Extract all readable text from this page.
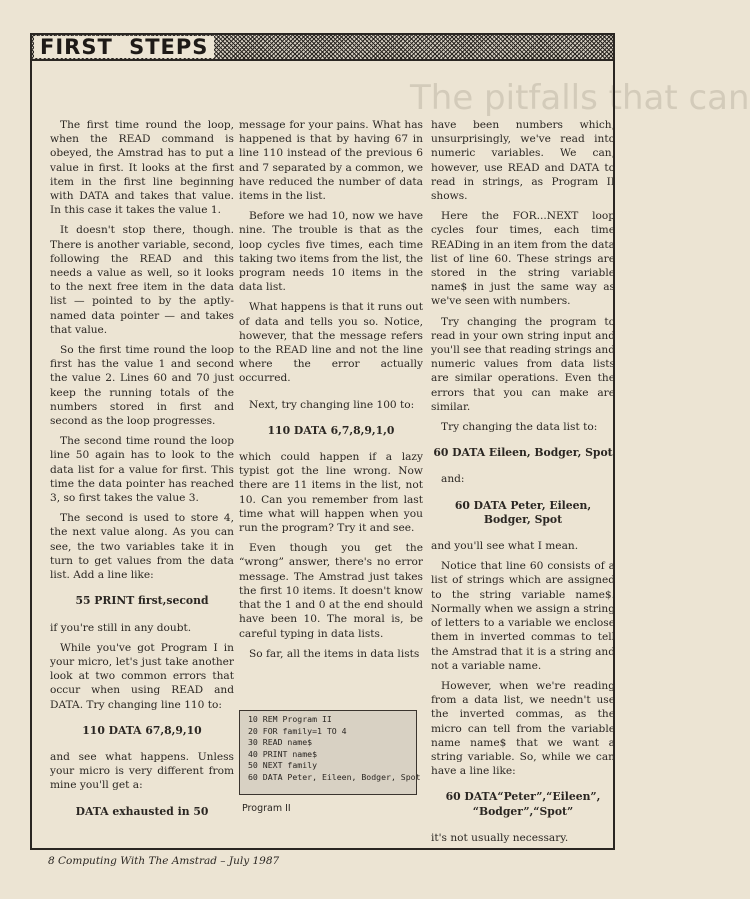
FIRST STEPS
The pitfalls that can

The first time round the loop, when the READ command is obeyed, the Amstrad has to put a value in first. It looks at the first item in the first line beginning with DATA and takes that value. In this case it takes the value 1.

It doesn't stop there, though. There is another variable, second, following the READ and this needs a value as well, so it looks to the next free item in the data list — pointed to by the aptly-named data pointer — and takes that value.

So the first time round the loop first has the value 1 and second the value 2. Lines 60 and 70 just keep the running totals of the numbers stored in first and second as the loop progresses.

The second time round the loop line 50 again has to look to the data list for a value for first. This time the data pointer has reached 3, so first takes the value 3.

The second is used to store 4, the next value along. As you can see, the two variables take it in turn to get values from the data list. Add a line like:

55 PRINT first,second

if you're still in any doubt.

While you've got Program I in your micro, let's just take another look at two common errors that occur when using READ and DATA. Try changing line 110 to:

110 DATA 67,8,9,10

and see what happens. Unless your micro is very different from mine you'll get a:

DATA exhausted in 50

message for your pains. What has happened is that by having 67 in line 110 instead of the previous 6 and 7 separated by a common, we have reduced the number of data items in the list.

Before we had 10, now we have nine. The trouble is that as the loop cycles five times, each time taking two items from the list, the program needs 10 items in the data list.

What happens is that it runs out of data and tells you so. Notice, however, that the message refers to the READ line and not the line where the error actually occurred.

Next, try changing line 100 to:

110 DATA 6,7,8,9,1,0

which could happen if a lazy typist got the line wrong. Now there are 11 items in the list, not 10. Can you remember from last time what will happen when you run the program? Try it and see.

Even though you get the “wrong” answer, there's no error message. The Amstrad just takes the first 10 items. It doesn't know that the 1 and 0 at the end should have been 10. The moral is, be careful typing in data lists.

So far, all the items in data lists

have been numbers which, unsurprisingly, we've read into numeric variables. We can, however, use READ and DATA to read in strings, as Program II shows.

Here the FOR...NEXT loop cycles four times, each time READing in an item from the data list of line 60. These strings are stored in the string variable name$ in just the same way as we've seen with numbers.

Try changing the program to read in your own string input and you'll see that reading strings and numeric values from data lists are similar operations. Even the errors that you can make are similar.

Try changing the data list to:

60 DATA Eileen, Bodger, Spot

and:

60 DATA Peter, Eileen, Bodger, Spot

and you'll see what I mean.

Notice that line 60 consists of a list of strings which are assigned to the string variable name$. Normally when we assign a string of letters to a variable we enclose them in inverted commas to tell the Amstrad that it is a string and not a variable name.

However, when we're reading from a data list, we needn't use the inverted commas, as the micro can tell from the variable name name$ that we want a string variable. So, while we can have a line like:

60 DATA“Peter”,“Eileen”, “Bodger”,“Spot”

it's not usually necessary.

10 REM Program II
20 FOR family=1 TO 4
30 READ name$
40 PRINT name$
50 NEXT family
60 DATA Peter, Eileen, Bodger, Spot
Program II
8 Computing With The Amstrad – July 1987
